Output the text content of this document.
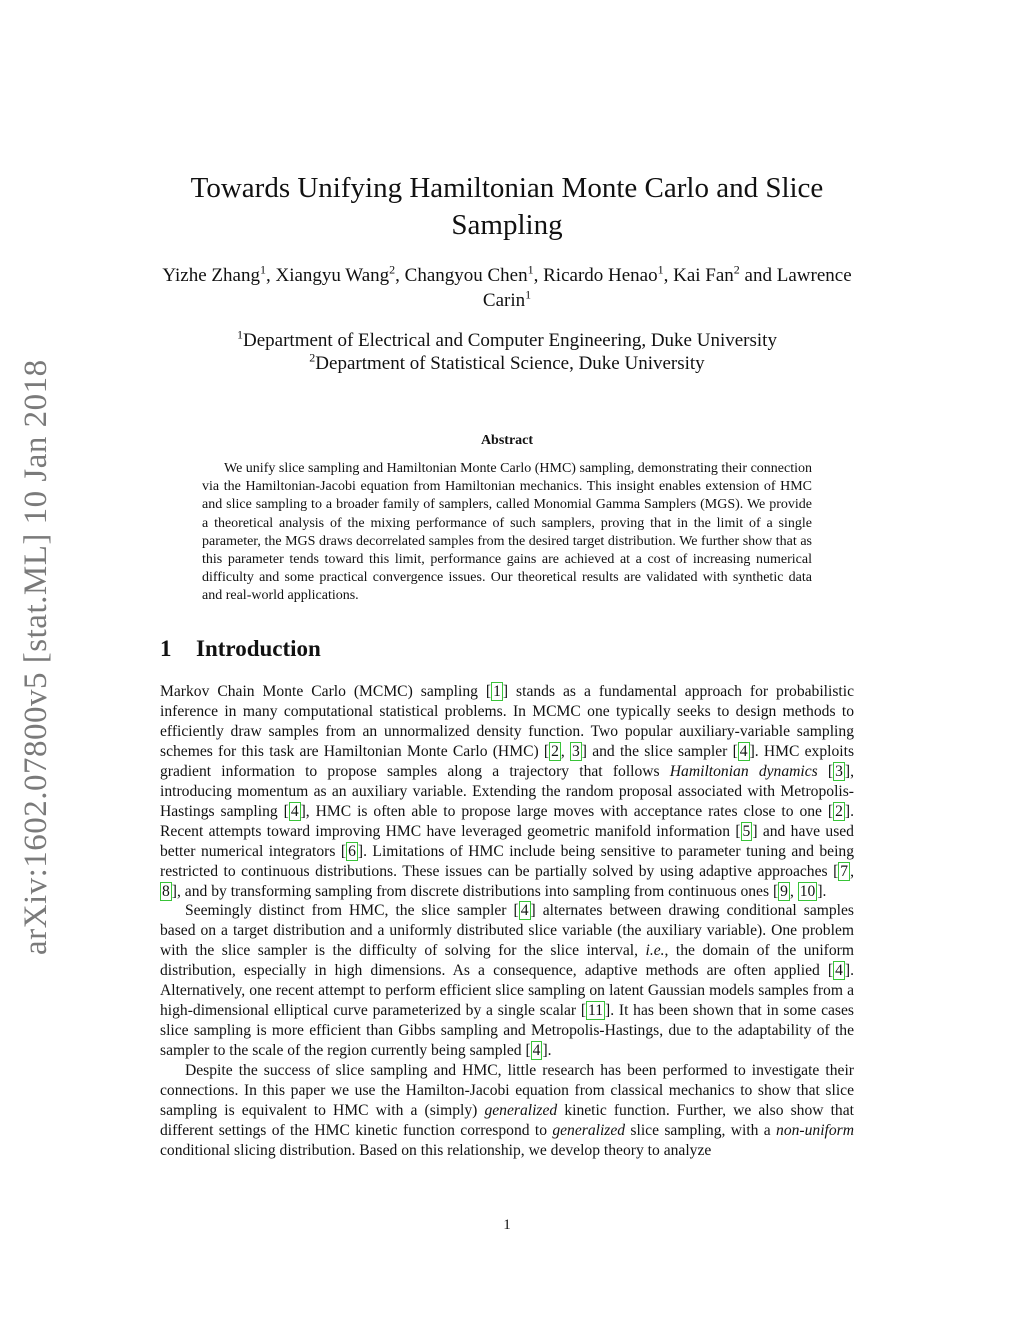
arXiv:1602.07800v5 [stat.ML] 10 Jan 2018
Towards Unifying Hamiltonian Monte Carlo and Slice Sampling
Yizhe Zhang$^1$, Xiangyu Wang$^2$, Changyou Chen$^1$, Ricardo Henao$^1$, Kai Fan$^2$ and Lawrence Carin$^1$
$^1$Department of Electrical and Computer Engineering, Duke University
$^2$Department of Statistical Science, Duke University
Abstract

We unify slice sampling and Hamiltonian Monte Carlo (HMC) sampling, demonstrating their connection via the Hamiltonian-Jacobi equation from Hamiltonian mechanics. This insight enables extension of HMC and slice sampling to a broader family of samplers, called Monomial Gamma Samplers (MGS). We provide a theoretical analysis of the mixing performance of such samplers, proving that in the limit of a single parameter, the MGS draws decorrelated samples from the desired target distribution. We further show that as this parameter tends toward this limit, performance gains are achieved at a cost of increasing numerical difficulty and some practical convergence issues. Our theoretical results are validated with synthetic data and real-world applications.

1 Introduction

Markov Chain Monte Carlo (MCMC) sampling [ 1 ] stands as a fundamental approach for probabilistic inference in many computational statistical problems. In MCMC one typically seeks to design methods to efficiently draw samples from an unnormalized density function. Two popular auxiliary-variable sampling schemes for this task are Hamiltonian Monte Carlo (HMC) [ 2 , 3 ] and the slice sampler [ 4 ]. HMC exploits gradient information to propose samples along a trajectory that follows Hamiltonian dynamics [ 3 ], introducing momentum as an auxiliary variable. Extending the random proposal associated with Metropolis-Hastings sampling [ 4 ], HMC is often able to propose large moves with acceptance rates close to one [ 2 ]. Recent attempts toward improving HMC have leveraged geometric manifold information [ 5 ] and have used better numerical integrators [ 6 ]. Limitations of HMC include being sensitive to parameter tuning and being restricted to continuous distributions. These issues can be partially solved by using adaptive approaches [ 7 , 8 ], and by transforming sampling from discrete distributions into sampling from continuous ones [ 9 , 10 ].

Seemingly distinct from HMC, the slice sampler [ 4 ] alternates between drawing conditional samples based on a target distribution and a uniformly distributed slice variable (the auxiliary variable). One problem with the slice sampler is the difficulty of solving for the slice interval, i.e., the domain of the uniform distribution, especially in high dimensions. As a consequence, adaptive methods are often applied [ 4 ]. Alternatively, one recent attempt to perform efficient slice sampling on latent Gaussian models samples from a high-dimensional elliptical curve parameterized by a single scalar [ 11 ]. It has been shown that in some cases slice sampling is more efficient than Gibbs sampling and Metropolis-Hastings, due to the adaptability of the sampler to the scale of the region currently being sampled [ 4 ].

Despite the success of slice sampling and HMC, little research has been performed to investigate their connections. In this paper we use the Hamilton-Jacobi equation from classical mechanics to show that slice sampling is equivalent to HMC with a (simply) generalized kinetic function. Further, we also show that different settings of the HMC kinetic function correspond to generalized slice sampling, with a non-uniform conditional slicing distribution. Based on this relationship, we develop theory to analyze

1
